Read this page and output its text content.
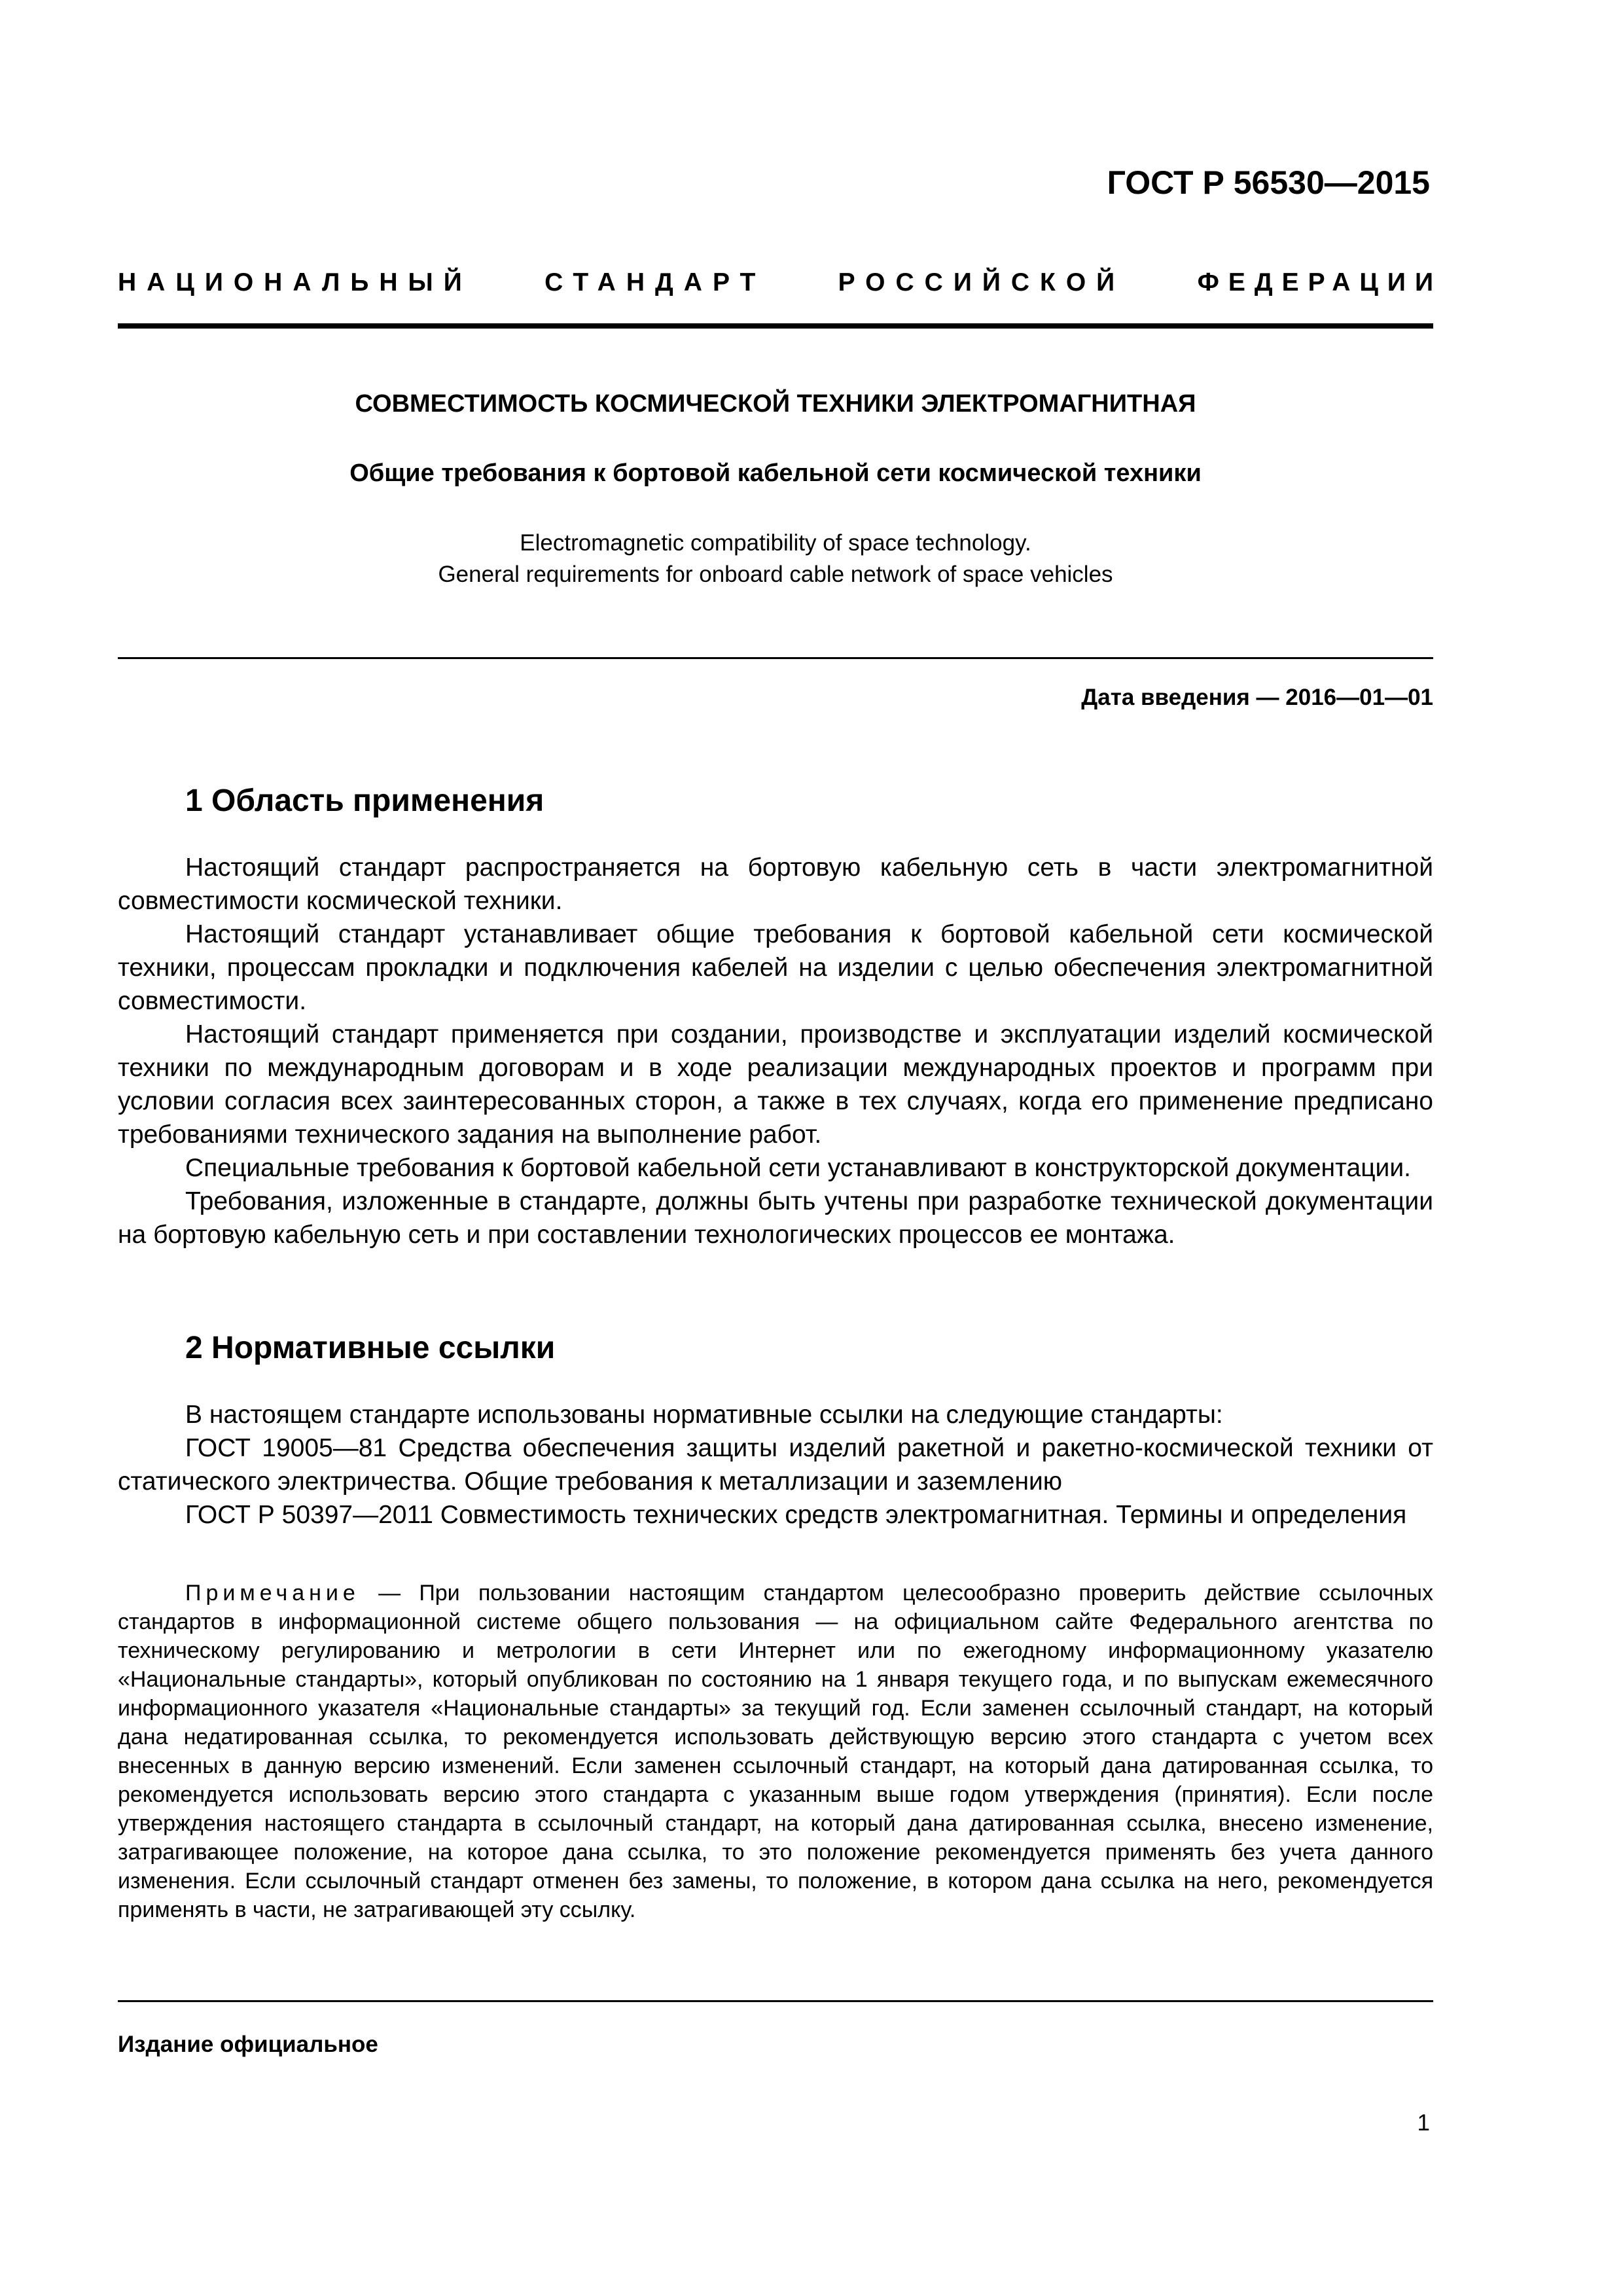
ГОСТ Р 56530—2015
НАЦИОНАЛЬНЫЙ	СТАНДАРТ	РОССИЙСКОЙ	ФЕДЕРАЦИИ
СОВМЕСТИМОСТЬ КОСМИЧЕСКОЙ ТЕХНИКИ ЭЛЕКТРОМАГНИТНАЯ
Общие требования к бортовой кабельной сети космической техники
Electromagnetic compatibility of space technology.
General requirements for onboard cable network of space vehicles
Дата введения — 2016—01—01
1 Область применения

Настоящий стандарт распространяется на бортовую кабельную сеть в части электромагнитной совместимости космической техники.

Настоящий стандарт устанавливает общие требования к бортовой кабельной сети космической техники, процессам прокладки и подключения кабелей на изделии с целью обеспечения электромагнитной совместимости.

Настоящий стандарт применяется при создании, производстве и эксплуатации изделий космической техники по международным договорам и в ходе реализации международных проектов и программ при условии согласия всех заинтересованных сторон, а также в тех случаях, когда его применение предписано требованиями технического задания на выполнение работ.

Специальные требования к бортовой кабельной сети устанавливают в конструкторской документации.

Требования, изложенные в стандарте, должны быть учтены при разработке технической документации на бортовую кабельную сеть и при составлении технологических процессов ее монтажа.

2 Нормативные ссылки

В настоящем стандарте использованы нормативные ссылки на следующие стандарты:

ГОСТ 19005—81 Средства обеспечения защиты изделий ракетной и ракетно-космической техники от статического электричества. Общие требования к металлизации и заземлению

ГОСТ Р 50397—2011 Совместимость технических средств электромагнитная. Термины и определения

Примечание — При пользовании настоящим стандартом целесообразно проверить действие ссылочных стандартов в информационной системе общего пользования — на официальном сайте Федерального агентства по техническому регулированию и метрологии в сети Интернет или по ежегодному информационному указателю «Национальные стандарты», который опубликован по состоянию на 1 января текущего года, и по выпускам ежемесячного информационного указателя «Национальные стандарты» за текущий год. Если заменен ссылочный стандарт, на который дана недатированная ссылка, то рекомендуется использовать действующую версию этого стандарта с учетом всех внесенных в данную версию изменений. Если заменен ссылочный стандарт, на который дана датированная ссылка, то рекомендуется использовать версию этого стандарта с указанным выше годом утверждения (принятия). Если после утверждения настоящего стандарта в ссылочный стандарт, на который дана датированная ссылка, внесено изменение, затрагивающее положение, на которое дана ссылка, то это положение рекомендуется применять без учета данного изменения. Если ссылочный стандарт отменен без замены, то положение, в котором дана ссылка на него, рекомендуется применять в части, не затрагивающей эту ссылку.

Издание официальное
1
